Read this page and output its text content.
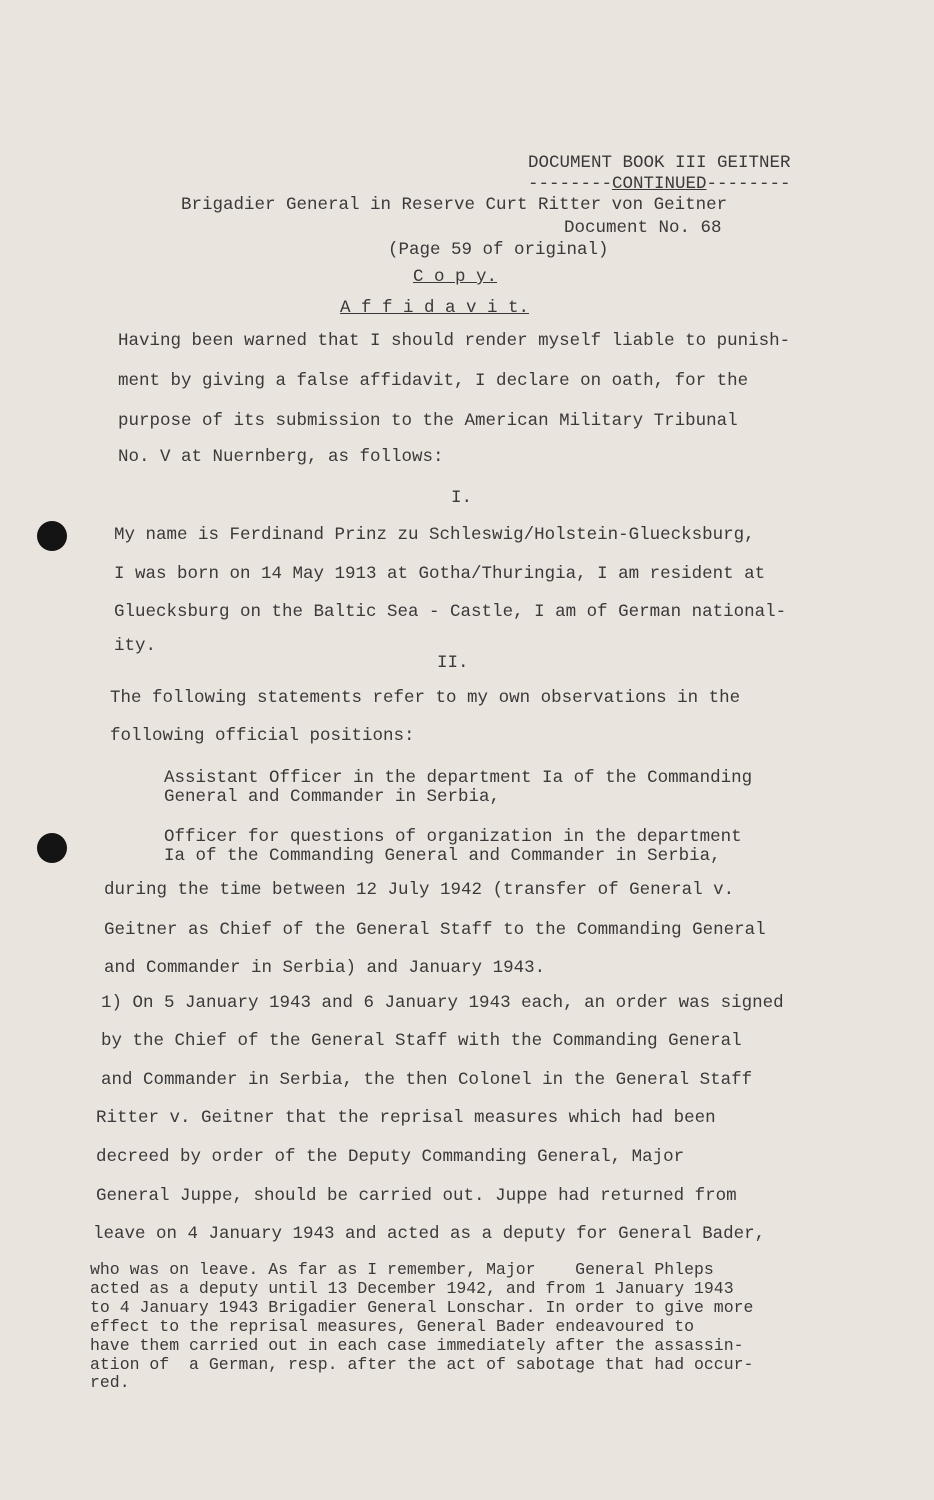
DOCUMENT BOOK III GEITNER
--------CONTINUED--------
Brigadier General in Reserve Curt Ritter von Geitner
Document No. 68
(Page 59 of original)
C o p y.
A f f i d a v i t.
Having been warned that I should render myself liable to punish-
ment by giving a false affidavit, I declare on oath, for the
purpose of its submission to the American Military Tribunal
No. V at Nuernberg, as follows:
I.
My name is Ferdinand Prinz zu Schleswig/Holstein-Gluecksburg,
I was born on 14 May 1913 at Gotha/Thuringia, I am resident at
Gluecksburg on the Baltic Sea - Castle, I am of German national-
ity.
II.
The following statements refer to my own observations in the
following official positions:
Assistant Officer in the department Ia of the Commanding
General and Commander in Serbia,
Officer for questions of organization in the department
Ia of the Commanding General and Commander in Serbia,
during the time between 12 July 1942 (transfer of General v.
Geitner as Chief of the General Staff to the Commanding General
and Commander in Serbia) and January 1943.
1) On 5 January 1943 and 6 January 1943 each, an order was signed
by the Chief of the General Staff with the Commanding General
and Commander in Serbia, the then Colonel in the General Staff
Ritter v. Geitner that the reprisal measures which had been
decreed by order of the Deputy Commanding General, Major
General Juppe, should be carried out. Juppe had returned from
leave on 4 January 1943 and acted as a deputy for General Bader,
who was on leave. As far as I remember, Major    General Phleps
acted as a deputy until 13 December 1942, and from 1 January 1943
to 4 January 1943 Brigadier General Lonschar. In order to give more
effect to the reprisal measures, General Bader endeavoured to
have them carried out in each case immediately after the assassin-
ation of  a German, resp. after the act of sabotage that had occur-
red.
